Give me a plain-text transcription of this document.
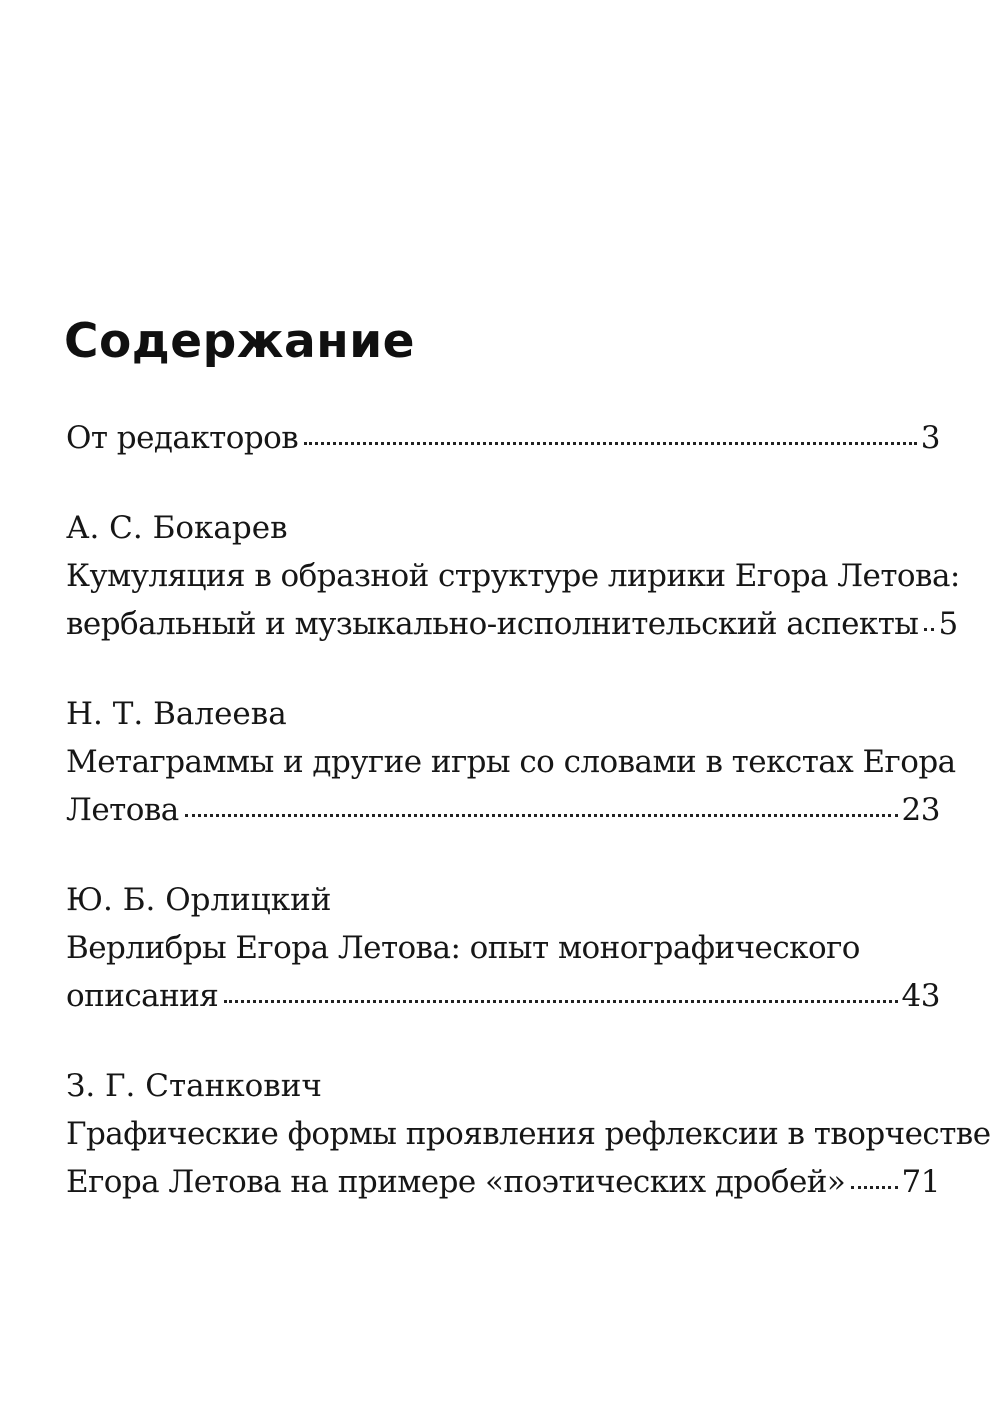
Содержание
От редакторов	3
А. С. Бокарев
Кумуляция в образной структуре лирики Егора Летова:
вербальный и музыкально-исполнительский аспекты 5
Н. Т. Валеева
Метаграммы и другие игры со словами в текстах Егора
Летова	23
Ю. Б. Орлицкий
Верлибры Егора Летова: опыт монографического
описания	43
З. Г. Станкович
Графические формы проявления рефлексии в творчестве
Егора Летова на примере «поэтических дробей» 71
